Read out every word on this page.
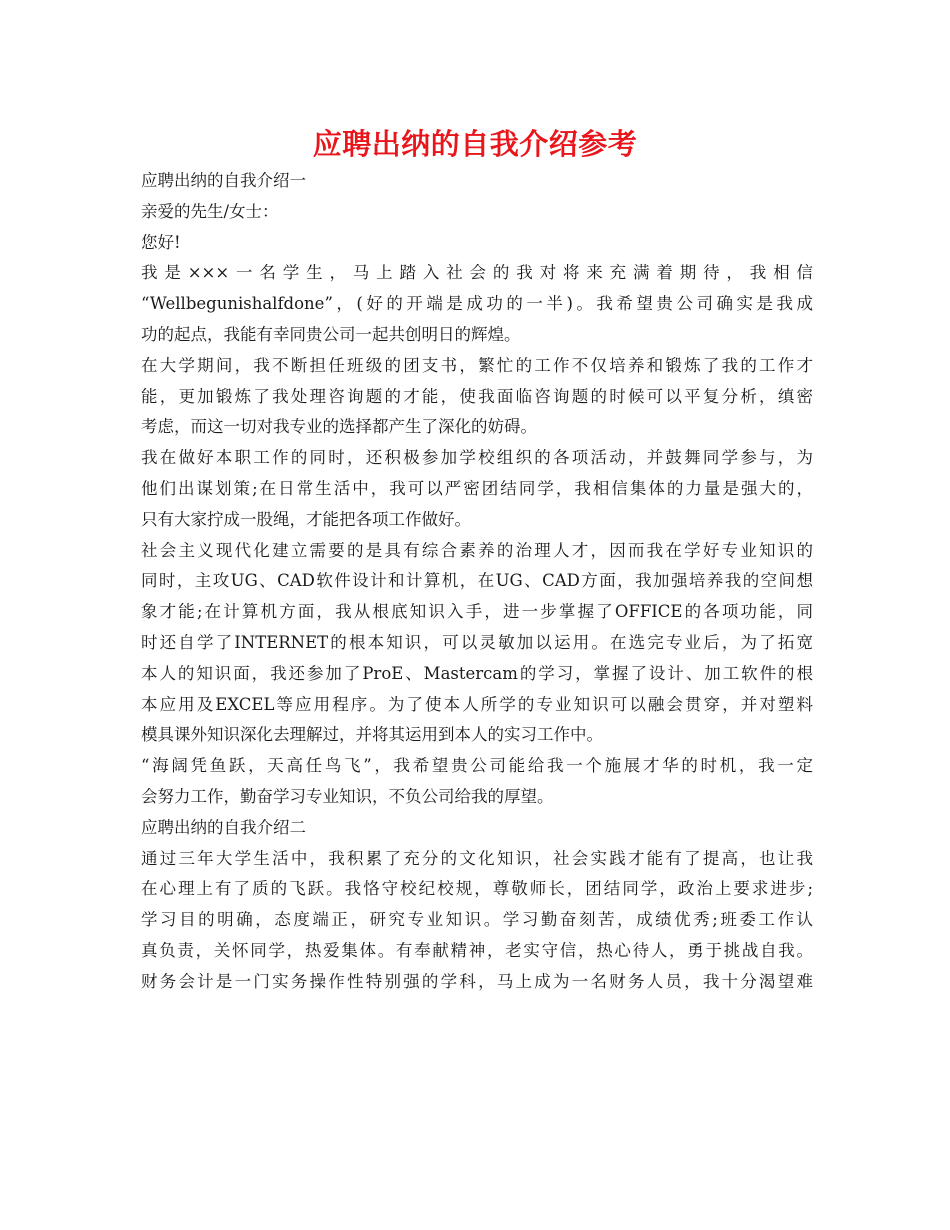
应聘出纳的自我介绍参考
应聘出纳的自我介绍一
亲爱的先生/女士：
您好!
我是×××一名学生，马上踏入社会的我对将来充满着期待，我相信
“Wellbegunishalfdone”，(好的开端是成功的一半)。我希望贵公司确实是我成
功的起点，我能有幸同贵公司一起共创明日的辉煌。
在大学期间，我不断担任班级的团支书，繁忙的工作不仅培养和锻炼了我的工作才
能，更加锻炼了我处理咨询题的才能，使我面临咨询题的时候可以平复分析，缜密
考虑，而这一切对我专业的选择都产生了深化的妨碍。
我在做好本职工作的同时，还积极参加学校组织的各项活动，并鼓舞同学参与，为
他们出谋划策;在日常生活中，我可以严密团结同学，我相信集体的力量是强大的，
只有大家拧成一股绳，才能把各项工作做好。
社会主义现代化建立需要的是具有综合素养的治理人才，因而我在学好专业知识的
同时，主攻UG、CAD软件设计和计算机，在UG、CAD方面，我加强培养我的空间想
象才能;在计算机方面，我从根底知识入手，进一步掌握了OFFICE的各项功能，同
时还自学了INTERNET的根本知识，可以灵敏加以运用。在选完专业后，为了拓宽
本人的知识面，我还参加了ProE、Mastercam的学习，掌握了设计、加工软件的根
本应用及EXCEL等应用程序。为了使本人所学的专业知识可以融会贯穿，并对塑料
模具课外知识深化去理解过，并将其运用到本人的实习工作中。
“海阔凭鱼跃，天高任鸟飞”，我希望贵公司能给我一个施展才华的时机，我一定
会努力工作，勤奋学习专业知识，不负公司给我的厚望。
应聘出纳的自我介绍二
通过三年大学生活中，我积累了充分的文化知识，社会实践才能有了提高，也让我
在心理上有了质的飞跃。我恪守校纪校规，尊敬师长，团结同学，政治上要求进步;
学习目的明确，态度端正，研究专业知识。学习勤奋刻苦，成绩优秀;班委工作认
真负责，关怀同学，热爱集体。有奉献精神，老实守信，热心待人，勇于挑战自我。
财务会计是一门实务操作性特别强的学科，马上成为一名财务人员，我十分渴望难
